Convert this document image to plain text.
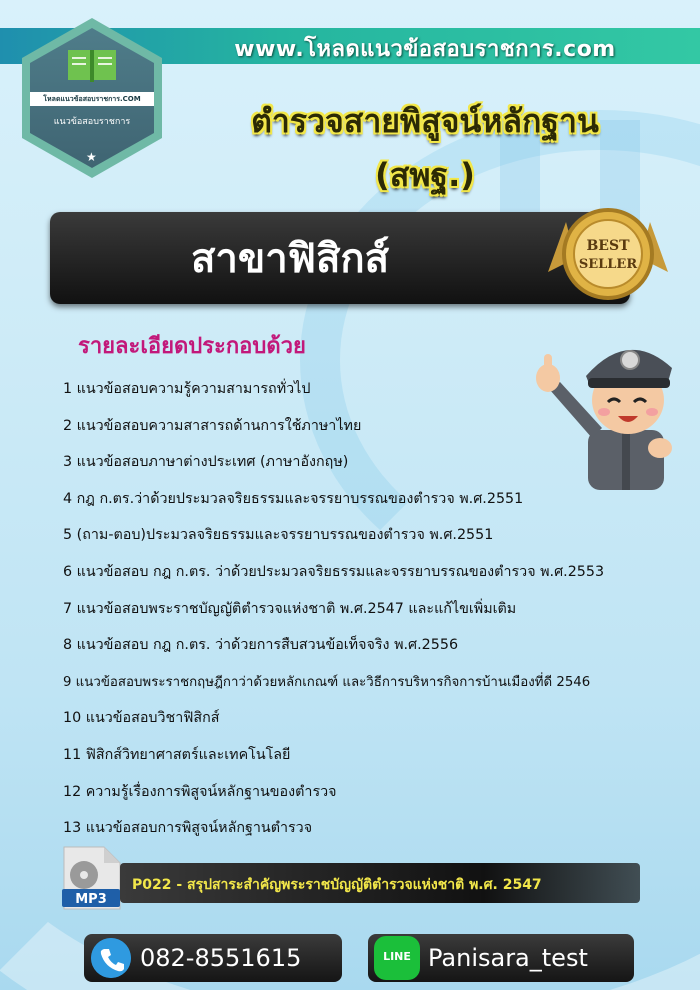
www.โหลดแนวข้อสอบราชการ.com
โหลดแนวข้อสอบราชการ.COM
แนวข้อสอบราชการ
★
ตำรวจสายพิสูจน์หลักฐาน
(สพฐ.)
สาขาฟิสิกส์	BEST
SELLER
รายละเอียดประกอบด้วย
1 แนวข้อสอบความรู้ความสามารถทั่วไป
2 แนวข้อสอบความสาสารถด้านการใช้ภาษาไทย
3 แนวข้อสอบภาษาต่างประเทศ (ภาษาอังกฤษ)
4 กฎ ก.ตร.ว่าด้วยประมวลจริยธรรมและจรรยาบรรณของตำรวจ พ.ศ.2551
5 (ถาม-ตอบ)ประมวลจริยธรรมและจรรยาบรรณของตำรวจ พ.ศ.2551
6 แนวข้อสอบ กฎ ก.ตร. ว่าด้วยประมวลจริยธรรมและจรรยาบรรณของตำรวจ พ.ศ.2553
7 แนวข้อสอบพระราชบัญญัติตำรวจแห่งชาติ พ.ศ.2547 และแก้ไขเพิ่มเติม
8 แนวข้อสอบ กฎ ก.ตร. ว่าด้วยการสืบสวนข้อเท็จจริง พ.ศ.2556
9 แนวข้อสอบพระราชกฤษฎีกาว่าด้วยหลักเกณฑ์ และวิธีการบริหารกิจการบ้านเมืองที่ดี 2546
10 แนวข้อสอบวิชาฟิสิกส์
11 ฟิสิกส์วิทยาศาสตร์และเทคโนโลยี
12 ความรู้เรื่องการพิสูจน์หลักฐานของตำรวจ
13 แนวข้อสอบการพิสูจน์หลักฐานตำรวจ
MP3
P022 - สรุปสาระสำคัญพระราชบัญญัติตำรวจแห่งชาติ พ.ศ. 2547
082-8551615	LINE Panisara_test
